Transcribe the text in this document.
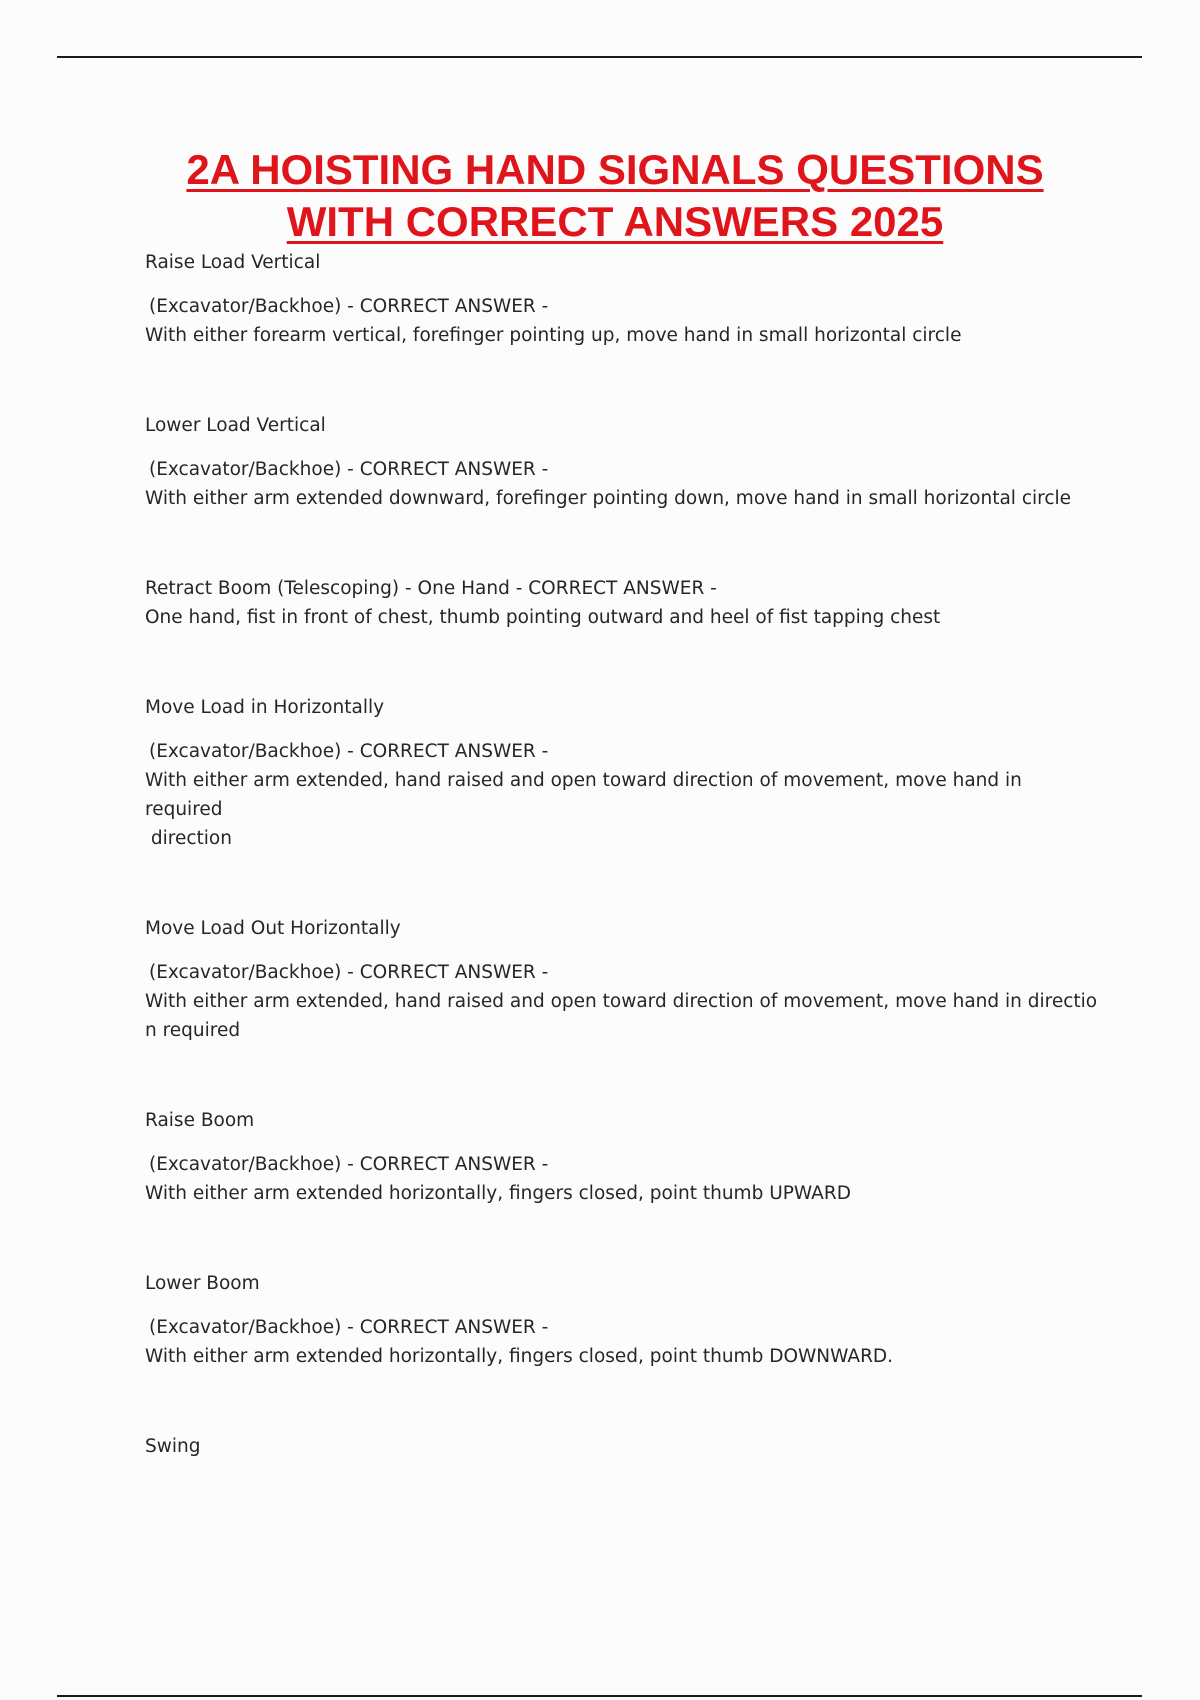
2A HOISTING HAND SIGNALS QUESTIONS
WITH CORRECT ANSWERS 2025
Raise Load Vertical
(Excavator/Backhoe) - CORRECT ANSWER -
With either forearm vertical, forefinger pointing up, move hand in small horizontal circle
Lower Load Vertical
(Excavator/Backhoe) - CORRECT ANSWER -
With either arm extended downward, forefinger pointing down, move hand in small horizontal circle
Retract Boom (Telescoping) - One Hand - CORRECT ANSWER -
One hand, fist in front of chest, thumb pointing outward and heel of fist tapping chest
Move Load in Horizontally
(Excavator/Backhoe) - CORRECT ANSWER -
With either arm extended, hand raised and open toward direction of movement, move hand in required
direction
Move Load Out Horizontally
(Excavator/Backhoe) - CORRECT ANSWER -
With either arm extended, hand raised and open toward direction of movement, move hand in directio
n required
Raise Boom
(Excavator/Backhoe) - CORRECT ANSWER -
With either arm extended horizontally, fingers closed, point thumb UPWARD
Lower Boom
(Excavator/Backhoe) - CORRECT ANSWER -
With either arm extended horizontally, fingers closed, point thumb DOWNWARD.
Swing
